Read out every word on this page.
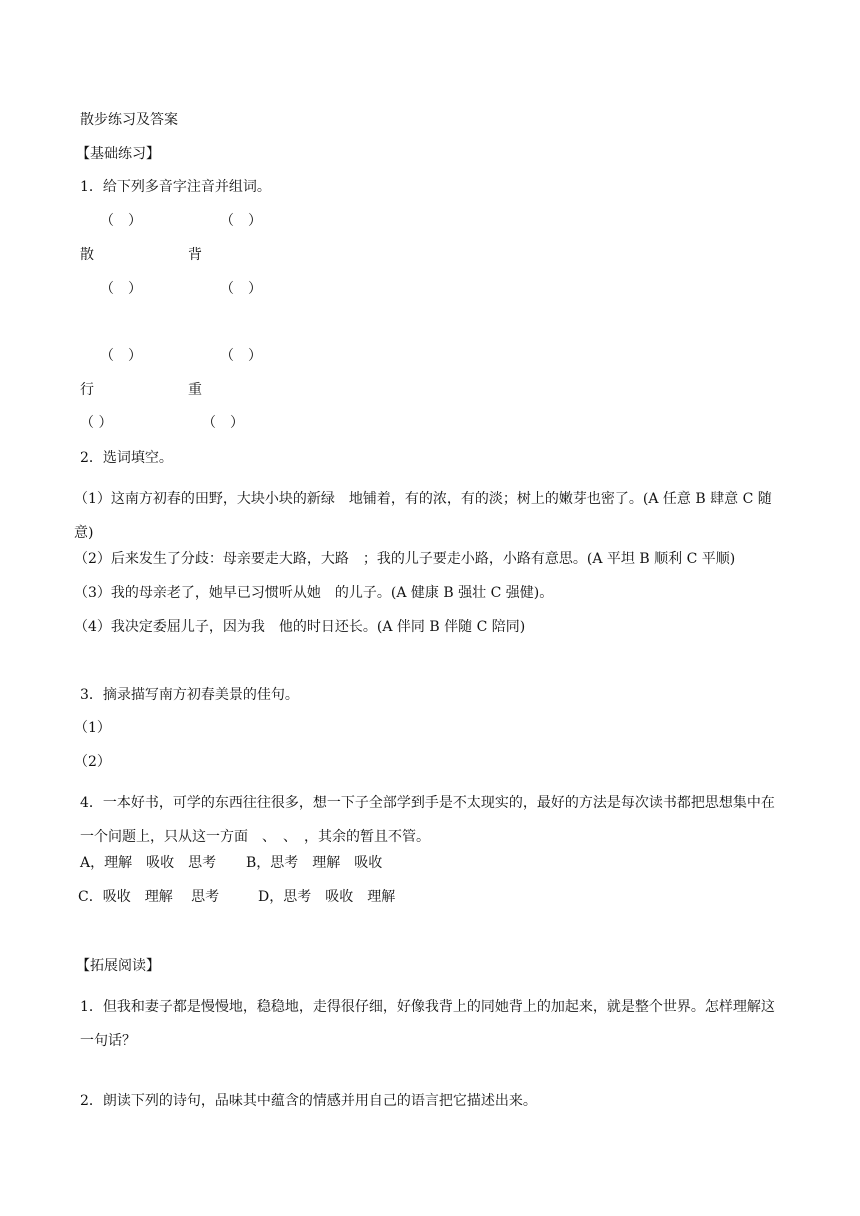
散步练习及答案
【基础练习】
1．给下列多音字注音并组词。
（　）	（　）
散	背
（　）	（　）
（　）	（　）
行	重
（ ）	（　）
2．选词填空。
（1）这南方初春的田野，大块小块的新绿　地铺着，有的浓，有的淡；树上的嫩芽也密了。(A 任意 B 肆意 C 随意)
（2）后来发生了分歧：母亲要走大路，大路　；我的儿子要走小路，小路有意思。(A 平坦 B 顺利 C 平顺)
（3）我的母亲老了，她早已习惯听从她　的儿子。(A 健康 B 强壮 C 强健)。
（4）我决定委屈儿子，因为我　他的时日还长。(A 伴同 B 伴随 C 陪同)
3．摘录描写南方初春美景的佳句。
（1）
（2）
4．一本好书，可学的东西往往很多，想一下子全部学到手是不太现实的，最好的方法是每次读书都把思想集中在一个问题上，只从这一方面　、　、　，其余的暂且不管。
A，理解　吸收　思考 B，思考　理解　吸收
C．吸收　理解　 思考	D，思考　吸收　理解
【拓展阅读】
1．但我和妻子都是慢慢地，稳稳地，走得很仔细，好像我背上的同她背上的加起来，就是整个世界。怎样理解这一句话？
2．朗读下列的诗句，品味其中蕴含的情感并用自己的语言把它描述出来。
